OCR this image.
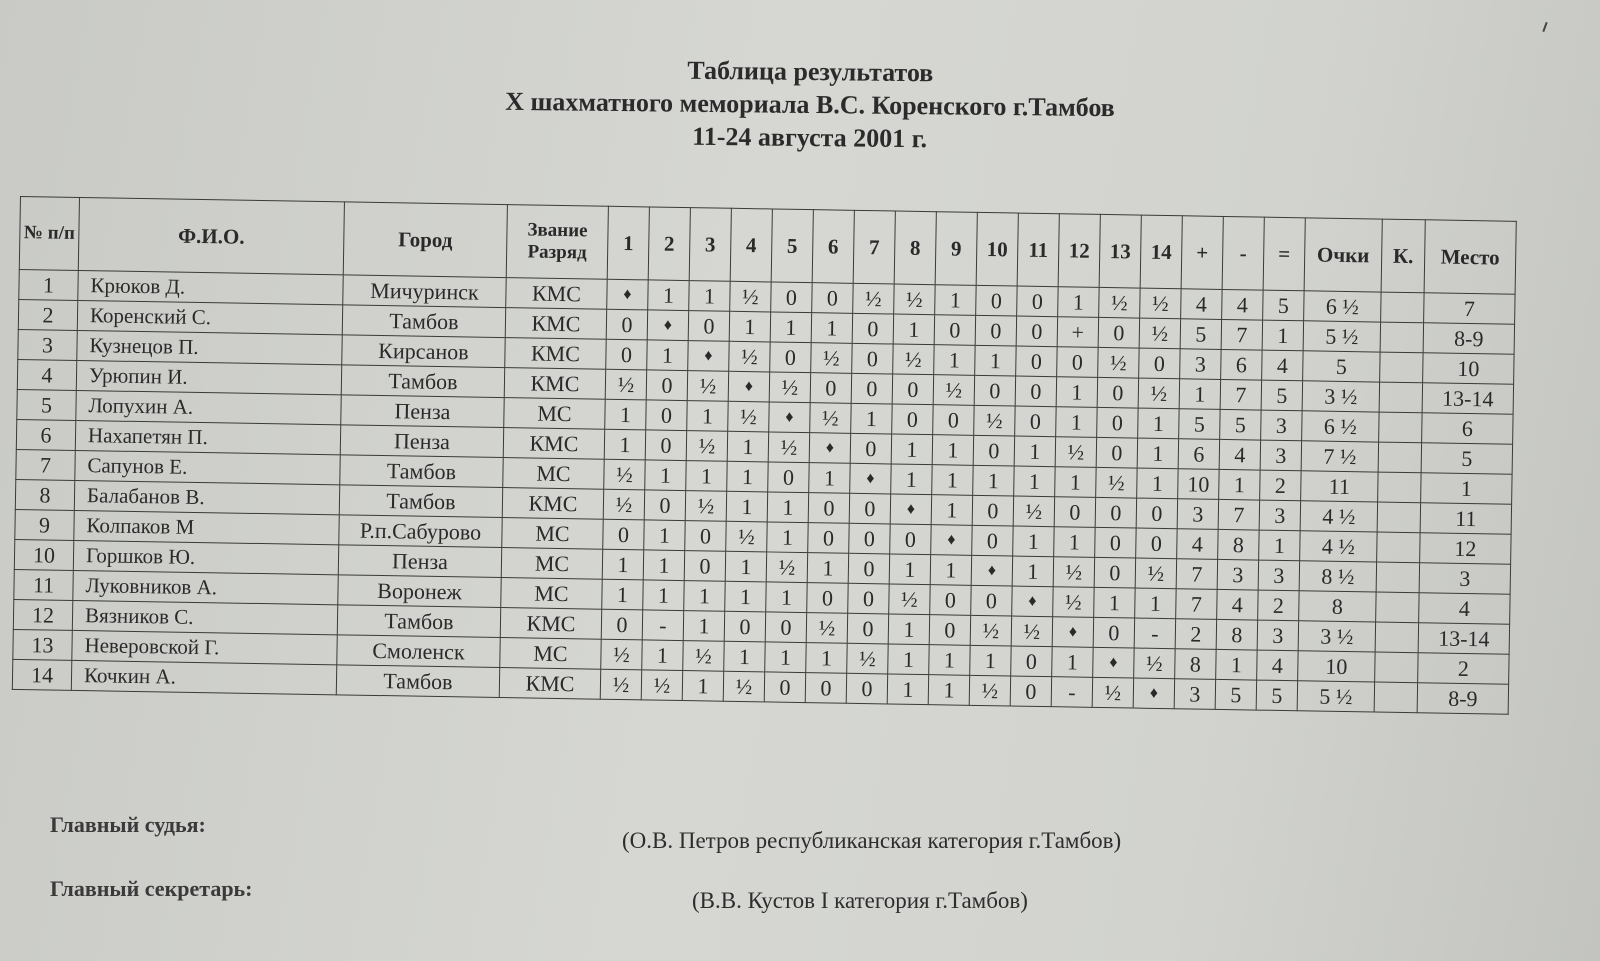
Таблица результатов
X шахматного мемориала В.С. Коренского г.Тамбов
11-24 августа 2001 г.
№ п/п	Ф.И.О.	Город	Звание Разряд	1	2	3	4	5	6	7	8	9	10	11	12	13	14	+	-	=	Очки	К.	Место
1	Крюков Д.	Мичуринск	КМС	♦	1	1	½	0	0	½	½	1	0	0	1	½	½	4	4	5	6 ½		7
2	Коренский С.	Тамбов	КМС	0	♦	0	1	1	1	0	1	0	0	0	+	0	½	5	7	1	5 ½		8-9
3	Кузнецов П.	Кирсанов	КМС	0	1	♦	½	0	½	0	½	1	1	0	0	½	0	3	6	4	5		10
4	Урюпин И.	Тамбов	КМС	½	0	½	♦	½	0	0	0	½	0	0	1	0	½	1	7	5	3 ½		13-14
5	Лопухин А.	Пенза	МС	1	0	1	½	♦	½	1	0	0	½	0	1	0	1	5	5	3	6 ½		6
6	Нахапетян П.	Пенза	КМС	1	0	½	1	½	♦	0	1	1	0	1	½	0	1	6	4	3	7 ½		5
7	Сапунов Е.	Тамбов	МС	½	1	1	1	0	1	♦	1	1	1	1	1	½	1	10	1	2	11		1
8	Балабанов В.	Тамбов	КМС	½	0	½	1	1	0	0	♦	1	0	½	0	0	0	3	7	3	4 ½		11
9	Колпаков М	Р.п.Сабурово	МС	0	1	0	½	1	0	0	0	♦	0	1	1	0	0	4	8	1	4 ½		12
10	Горшков Ю.	Пенза	МС	1	1	0	1	½	1	0	1	1	♦	1	½	0	½	7	3	3	8 ½		3
11	Луковников А.	Воронеж	МС	1	1	1	1	1	0	0	½	0	0	♦	½	1	1	7	4	2	8		4
12	Вязников С.	Тамбов	КМС	0	-	1	0	0	½	0	1	0	½	½	♦	0	-	2	8	3	3 ½		13-14
13	Неверовской Г.	Смоленск	МС	½	1	½	1	1	1	½	1	1	1	0	1	♦	½	8	1	4	10		2
14	Кочкин А.	Тамбов	КМС	½	½	1	½	0	0	0	1	1	½	0	-	½	♦	3	5	5	5 ½		8-9
Главный судья:
(О.В. Петров республиканская категория г.Тамбов)
Главный секретарь:	(В.В. Кустов I категория г.Тамбов)
